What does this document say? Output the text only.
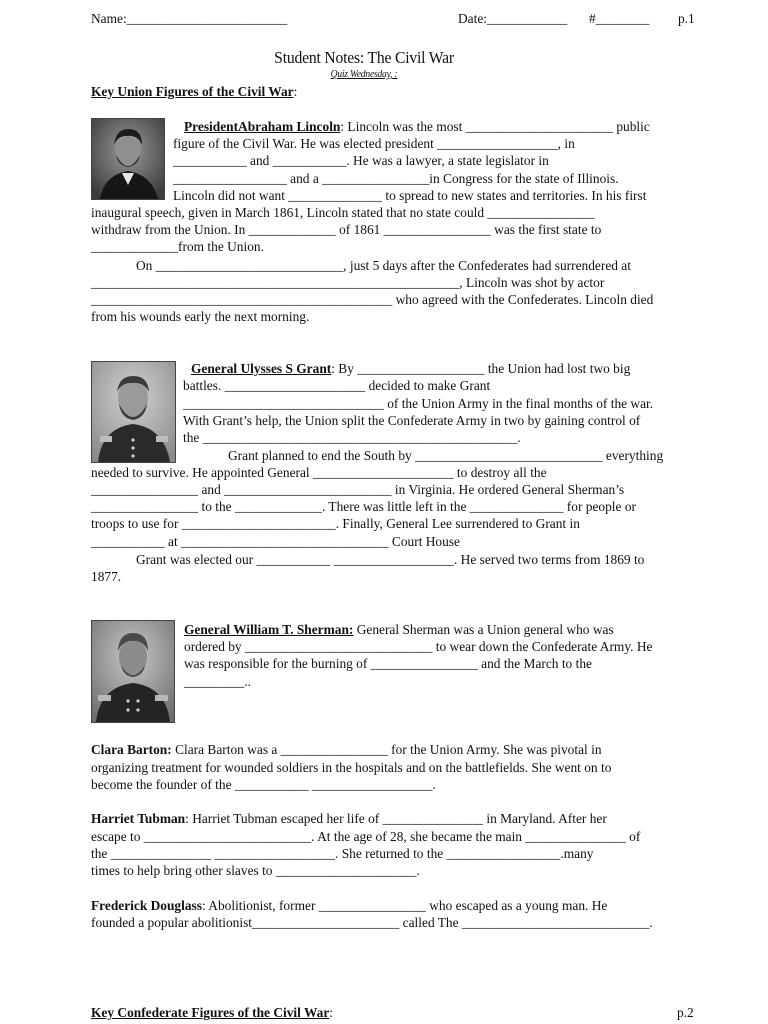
Name:________________________	Date:____________ #________ p.1
Student Notes: The Civil War
Quiz Wednesday, :
Key Union Figures of the Civil War:
PresidentAbraham Lincoln: Lincoln was the most ______________________ public
figure of the Civil War. He was elected president __________________, in
___________ and ___________. He was a lawyer, a state legislator in
_________________ and a ________________in Congress for the state of Illinois.
Lincoln did not want ______________ to spread to new states and territories. In his first
inaugural speech, given in March 1861, Lincoln stated that no state could ________________
withdraw from the Union. In _____________ of 1861 ________________ was the first state to
_____________from the Union.
On ____________________________, just 5 days after the Confederates had surrendered at
_______________________________________________________, Lincoln was shot by actor
_____________________________________________ who agreed with the Confederates. Lincoln died
from his wounds early the next morning.
General Ulysses S Grant: By ___________________ the Union had lost two big
battles. _____________________ decided to make Grant
______________________________ of the Union Army in the final months of the war.
With Grant’s help, the Union split the Confederate Army in two by gaining control of
the _______________________________________________.
Grant planned to end the South by ____________________________ everything
needed to survive. He appointed General _____________________ to destroy all the
________________ and _________________________ in Virginia. He ordered General Sherman’s
________________ to the _____________. There was little left in the ______________ for people or
troops to use for _______________________. Finally, General Lee surrendered to Grant in
___________ at _______________________________ Court House
Grant was elected our ___________ __________________. He served two terms from 1869 to
1877.
General William T. Sherman: General Sherman was a Union general who was
ordered by ____________________________ to wear down the Confederate Army. He
was responsible for the burning of ________________ and the March to the
_________..
Clara Barton: Clara Barton was a ________________ for the Union Army. She was pivotal in
organizing treatment for wounded soldiers in the hospitals and on the battlefields. She went on to
become the founder of the ___________ __________________.
Harriet Tubman: Harriet Tubman escaped her life of _______________ in Maryland. After her
escape to _________________________. At the age of 28, she became the main _______________ of
the _______________ __________________. She returned to the _________________.many
times to help bring other slaves to _____________________.
Frederick Douglass: Abolitionist, former ________________ who escaped as a young man. He
founded a popular abolitionist______________________ called The ____________________________.
Key Confederate Figures of the Civil War:	p.2
